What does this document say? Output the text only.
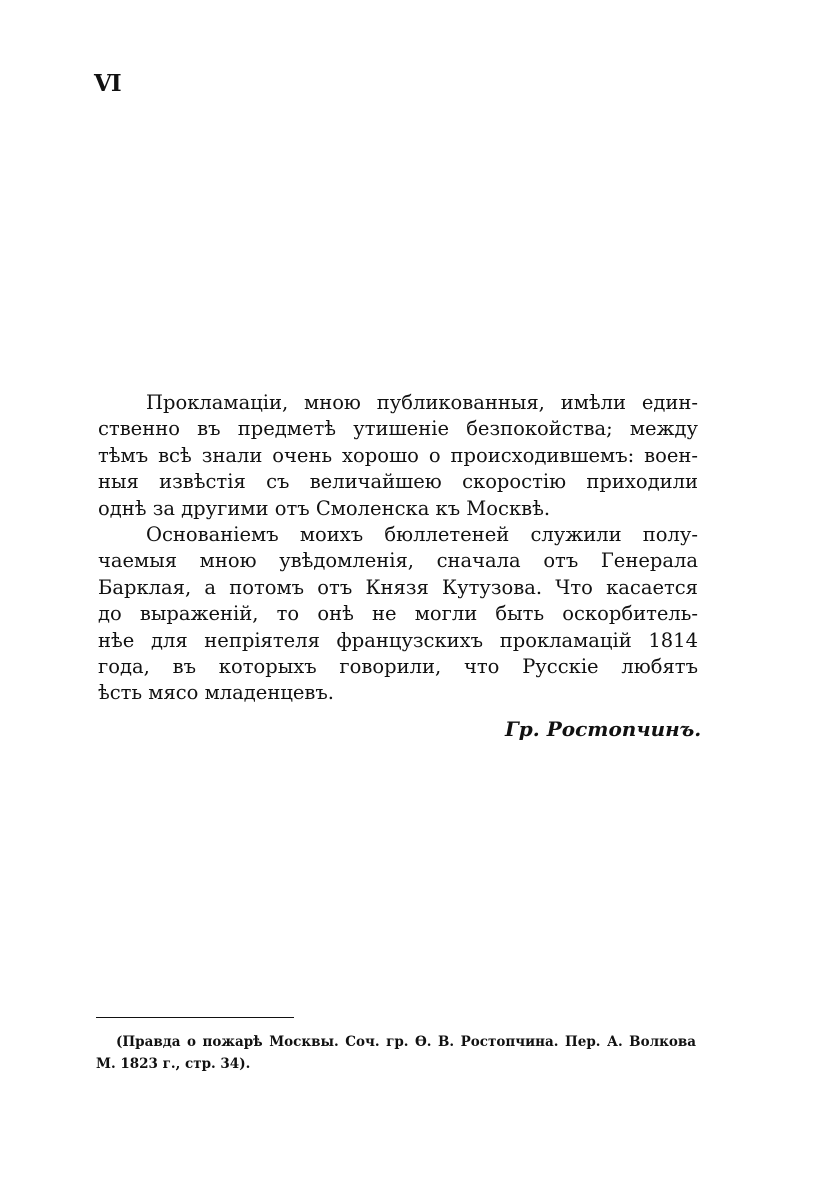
VI

Прокламаціи, мною публикованныя, имѣли един-
ственно въ предметѣ утишеніе безпокойства; между
тѣмъ всѣ знали очень хорошо о происходившемъ: воен-
ныя извѣстія съ величайшею скоростію приходили
однѣ за другими отъ Смоленска къ Москвѣ.

Основаніемъ моихъ бюллетеней служили полу-
чаемыя мною увѣдомленія, сначала отъ Генерала
Барклая, а потомъ отъ Князя Кутузова. Что касается
до выраженій, то онѣ не могли быть оскорбитель-
нѣе для непріятеля французскихъ прокламацій 1814
года, въ которыхъ говорили, что Русскіе любятъ
ѣсть мясо младенцевъ.

Гр. Ростопчинъ.
(Правда о пожарѣ Москвы. Соч. гр. Ѳ. В. Ростопчина. Пер. А. Волкова
М. 1823 г., стр. 34).
